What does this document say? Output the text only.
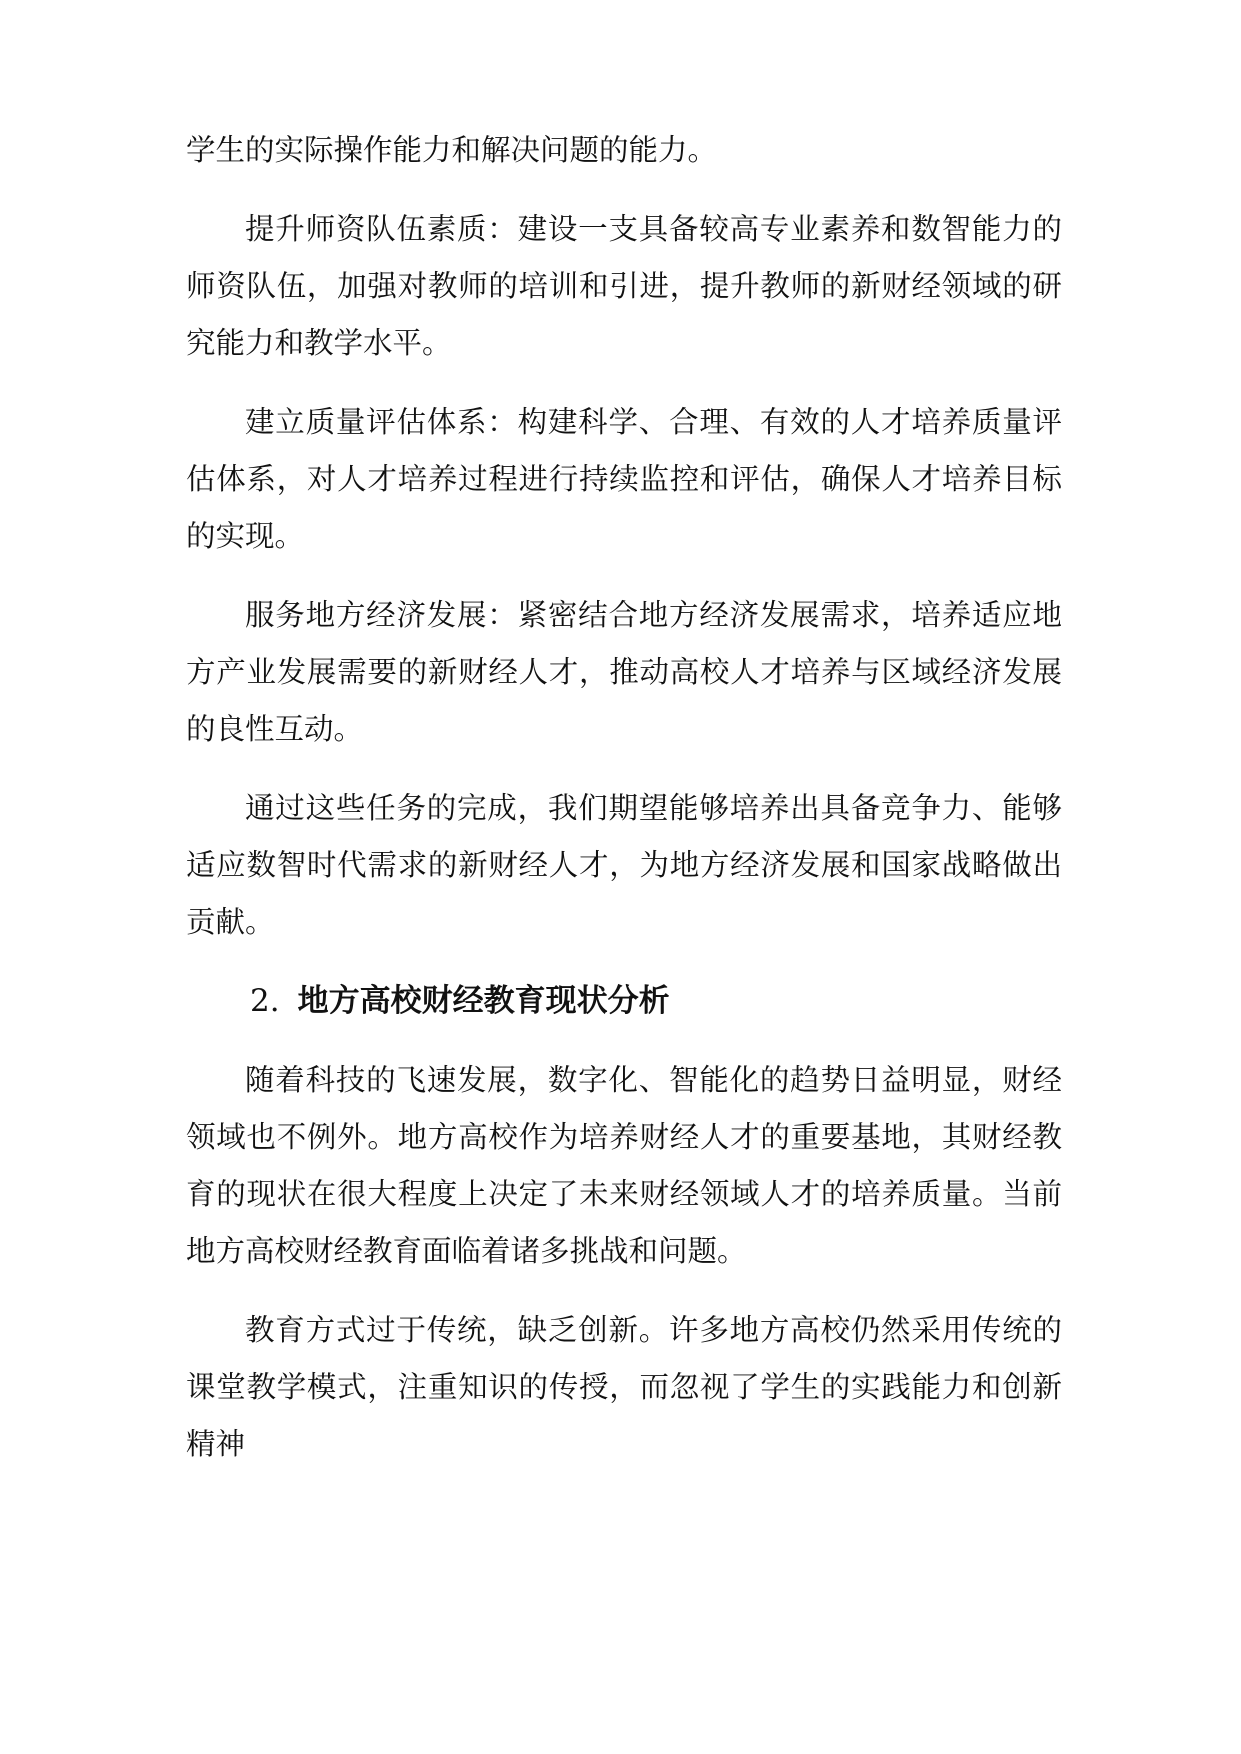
学生的实际操作能力和解决问题的能力。

提升师资队伍素质：建设一支具备较高专业素养和数智能力的师资队伍，加强对教师的培训和引进，提升教师的新财经领域的研究能力和教学水平。

建立质量评估体系：构建科学、合理、有效的人才培养质量评估体系，对人才培养过程进行持续监控和评估，确保人才培养目标的实现。

服务地方经济发展：紧密结合地方经济发展需求，培养适应地方产业发展需要的新财经人才，推动高校人才培养与区域经济发展的良性互动。

通过这些任务的完成，我们期望能够培养出具备竞争力、能够适应数智时代需求的新财经人才，为地方经济发展和国家战略做出贡献。

2. 地方高校财经教育现状分析

随着科技的飞速发展，数字化、智能化的趋势日益明显，财经领域也不例外。地方高校作为培养财经人才的重要基地，其财经教育的现状在很大程度上决定了未来财经领域人才的培养质量。当前地方高校财经教育面临着诸多挑战和问题。

教育方式过于传统，缺乏创新。许多地方高校仍然采用传统的课堂教学模式，注重知识的传授，而忽视了学生的实践能力和创新精神
